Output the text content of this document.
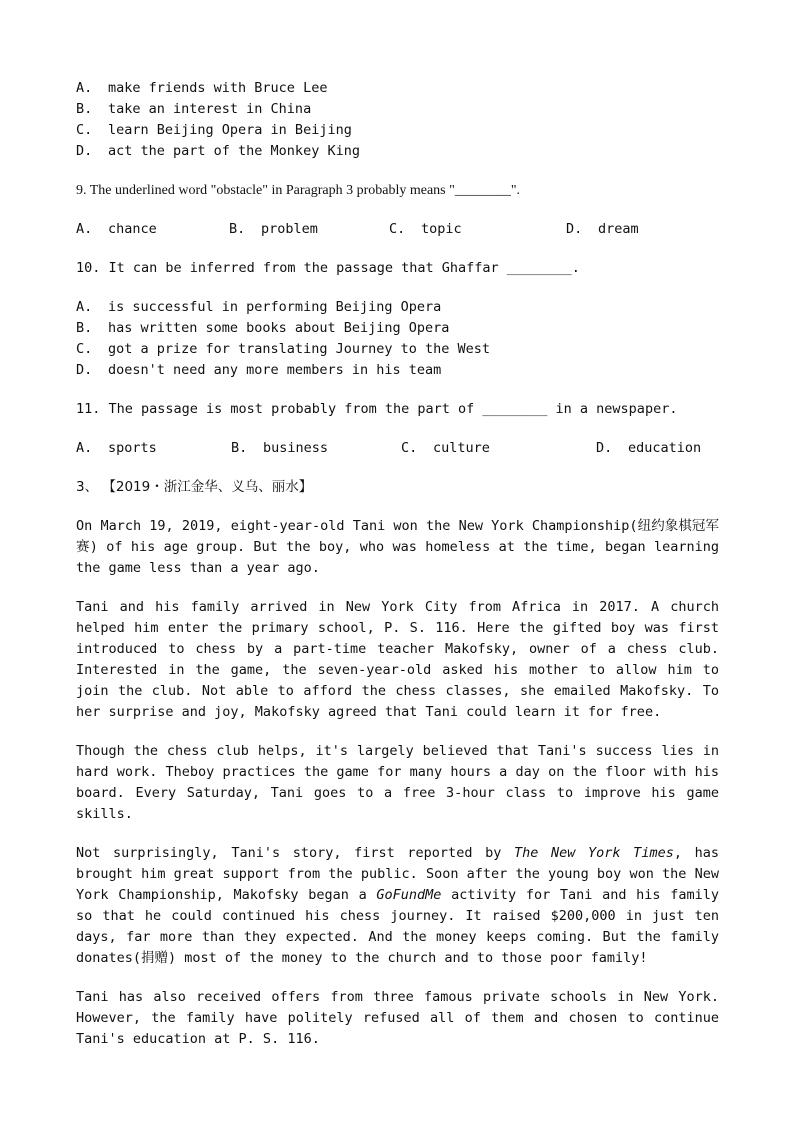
A.	make friends with Bruce Lee
B.	take an interest in China
C.	learn Beijing Opera in Beijing
D.	act the part of the Monkey King
9. The underlined word "obstacle" in Paragraph 3 probably means "________".
A.	chance	B.	problem	C.	topic	D.	dream
10. It can be inferred from the passage that Ghaffar ________.
A.	is successful in performing Beijing Opera
B.	has written some books about Beijing Opera
C.	got a prize for translating Journey to the West
D.	doesn't need any more members in his team
11. The passage is most probably from the part of ________ in a newspaper.
A.	sports	B.	business	C.	culture	D.	education
3、 【2019・浙江金华、义乌、丽水】

On March 19, 2019, eight-year-old Tani won the New York Championship(纽约象棋冠军赛) of his age group. But the boy, who was homeless at the time, began learning the game less than a year ago.

Tani and his family arrived in New York City from Africa in 2017. A church helped him enter the primary school, P. S. 116. Here the gifted boy was first introduced to chess by a part-time teacher Makofsky, owner of a chess club. Interested in the game, the seven-year-old asked his mother to allow him to join the club. Not able to afford the chess classes, she emailed Makofsky. To her surprise and joy, Makofsky agreed that Tani could learn it for free.

Though the chess club helps, it's largely believed that Tani's success lies in hard work. Theboy practices the game for many hours a day on the floor with his board. Every Saturday, Tani goes to a free 3-hour class to improve his game skills.

Not surprisingly, Tani's story, first reported by The New York Times, has brought him great support from the public. Soon after the young boy won the New York Championship, Makofsky began a GoFundMe activity for Tani and his family so that he could continued his chess journey. It raised $200,000 in just ten days, far more than they expected. And the money keeps coming. But the family donates(捐赠) most of the money to the church and to those poor family!

Tani has also received offers from three famous private schools in New York. However, the family have politely refused all of them and chosen to continue Tani's education at P. S. 116.
